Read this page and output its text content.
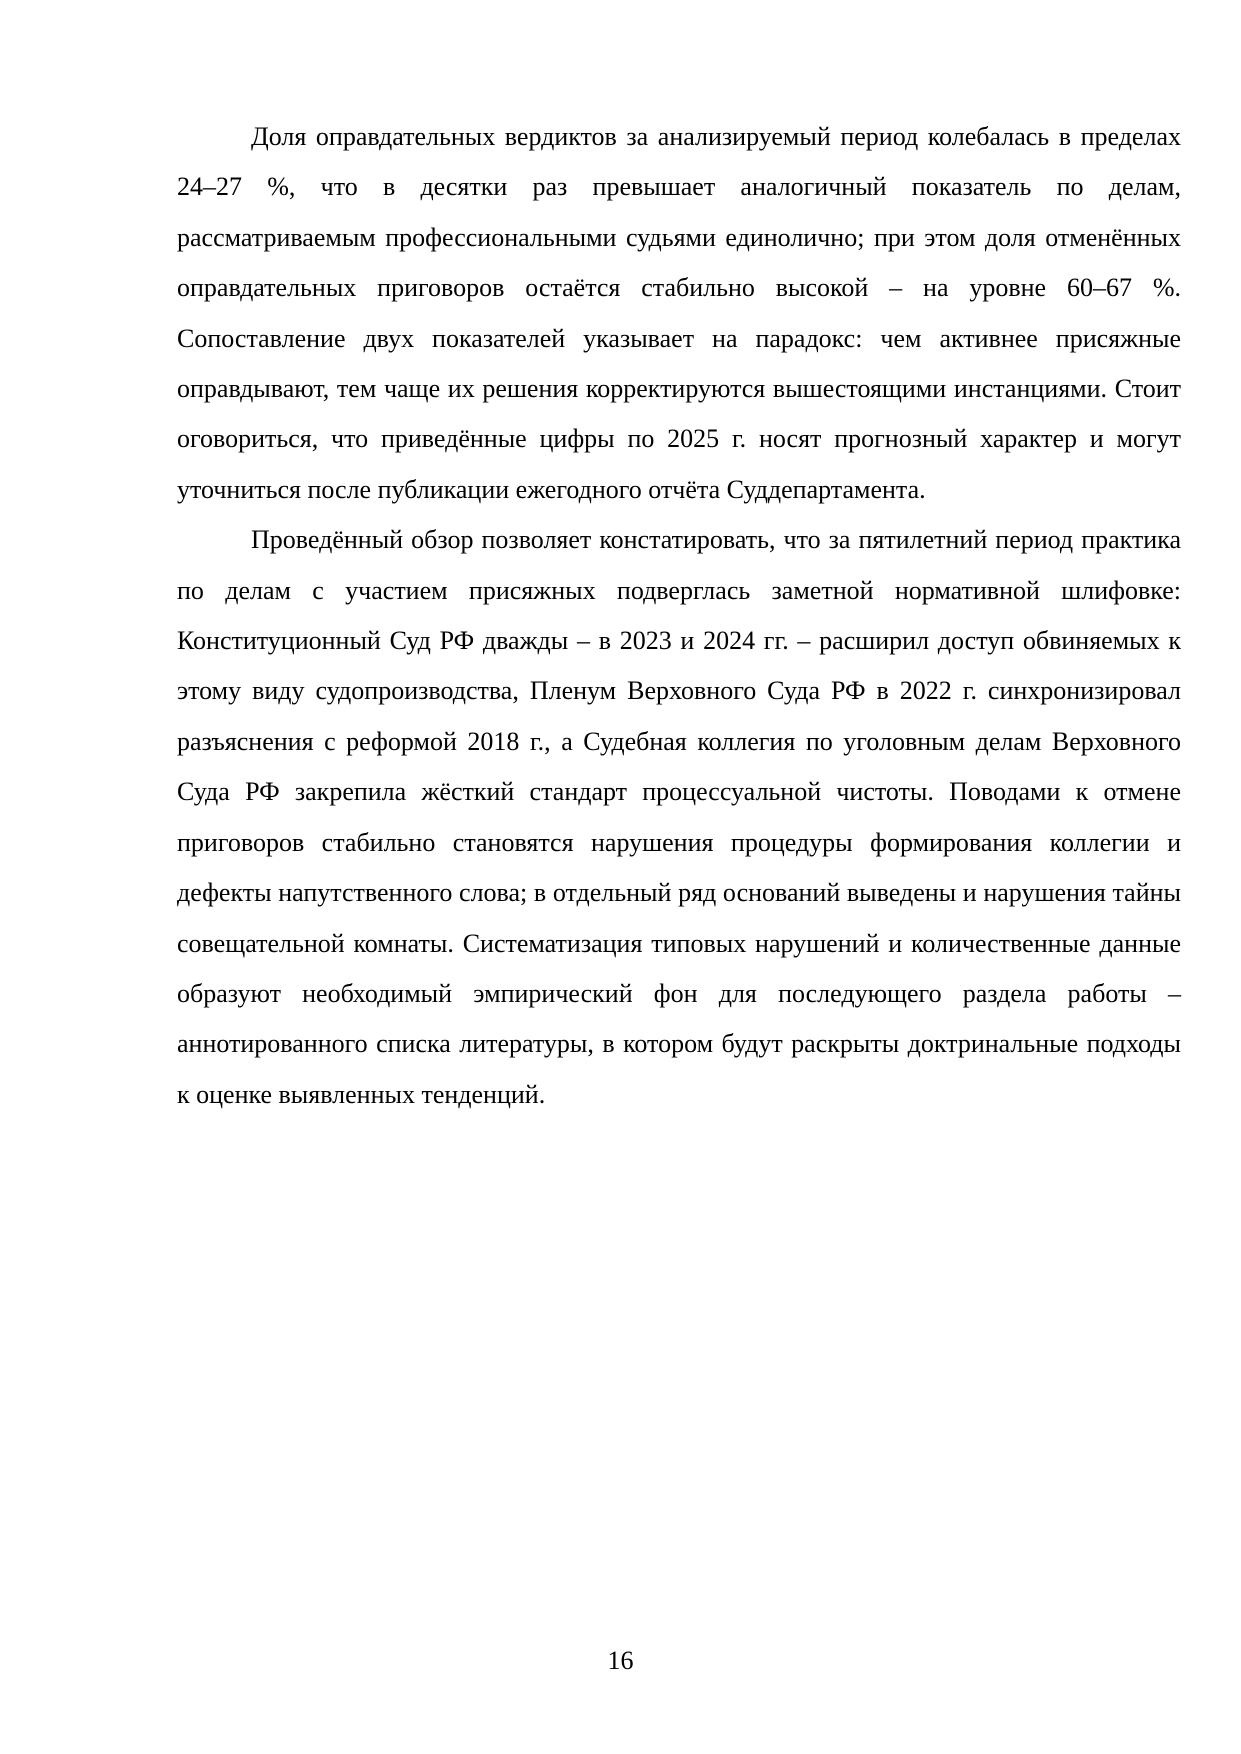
Доля оправдательных вердиктов за анализируемый период колебалась в пределах 24–27 %, что в десятки раз превышает аналогичный показатель по делам, рассматриваемым профессиональными судьями единолично; при этом доля отменённых оправдательных приговоров остаётся стабильно высокой – на уровне 60–67 %. Сопоставление двух показателей указывает на парадокс: чем активнее присяжные оправдывают, тем чаще их решения корректируются вышестоящими инстанциями. Стоит оговориться, что приведённые цифры по 2025 г. носят прогнозный характер и могут уточниться после публикации ежегодного отчёта Суддепартамента.

Проведённый обзор позволяет констатировать, что за пятилетний период практика по делам с участием присяжных подверглась заметной нормативной шлифовке: Конституционный Суд РФ дважды – в 2023 и 2024 гг. – расширил доступ обвиняемых к этому виду судопроизводства, Пленум Верховного Суда РФ в 2022 г. синхронизировал разъяснения с реформой 2018 г., а Судебная коллегия по уголовным делам Верховного Суда РФ закрепила жёсткий стандарт процессуальной чистоты. Поводами к отмене приговоров стабильно становятся нарушения процедуры формирования коллегии и дефекты напутственного слова; в отдельный ряд оснований выведены и нарушения тайны совещательной комнаты. Систематизация типовых нарушений и количественные данные образуют необходимый эмпирический фон для последующего раздела работы – аннотированного списка литературы, в котором будут раскрыты доктринальные подходы к оценке выявленных тенденций.

16
